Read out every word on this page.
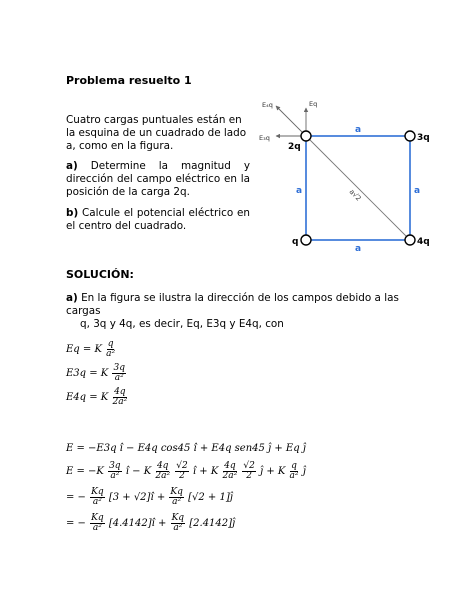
Problema resuelto 1
Cuatro cargas puntuales están en
la esquina de un cuadrado de lado
a, como en la figura.
a) Determine la magnitud y dirección del campo eléctrico en la posición de la carga 2q.
b) Calcule el potencial eléctrico en el centro del cuadrado.
E₄q	Eq
E₃q
2q
3q
q	4q
a
a
a	a
a√2
SOLUCIÓN:
a) En la figura se ilustra la dirección de los campos debido a las cargas
q, 3q y 4q, es decir, Eq, E3q y E4q, con
Eq = K $\frac{q}{\text{a²}}$
E3q = K $\frac{3q}{\text{a²}}$
E4q = K $\frac{4q}{\text{2a²}}$
E = −E3q î − E4q cos45 î + E4q sen45 ĵ + Eq ĵ
$E = -K \frac{3q}{\text{a²}}$ î − K $\frac{4q}{\text{2a²}}$
$\frac{√2}{2}$ î + K $\frac{4q}{\text{2a²}}$
$\frac{√2}{2}$ ĵ + K $\frac{q}{\text{a²}}$ ĵ
= − $\frac{Kq}{\text{a²}} [3$ + √2]î + $\frac{Kq}{\text{a²}} [√2$ + 1]ĵ
= − $\frac{Kq}{\text{a²}}$ [4.4142]î + $\frac{Kq}{\text{a²}}$ [2.4142]ĵ
